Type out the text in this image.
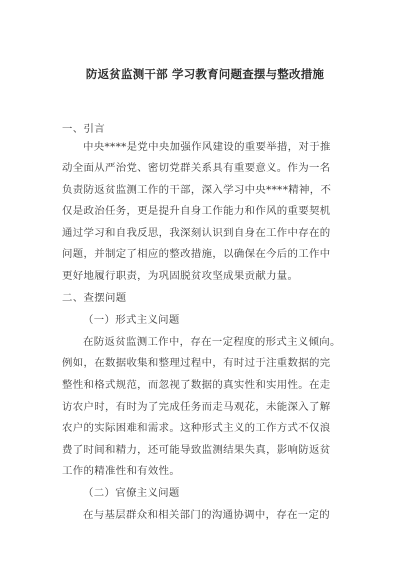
防返贫监测干部 学习教育问题查摆与整改措施
一、引言
中央****是党中央加强作风建设的重要举措，对于推
动全面从严治党、密切党群关系具有重要意义。作为一名
负责防返贫监测工作的干部，深入学习中央****精神，不
仅是政治任务，更是提升自身工作能力和作风的重要契机
通过学习和自我反思，我深刻认识到自身在工作中存在的
问题，并制定了相应的整改措施，以确保在今后的工作中
更好地履行职责，为巩固脱贫攻坚成果贡献力量。
二、查摆问题
（一）形式主义问题
在防返贫监测工作中，存在一定程度的形式主义倾向。
例如，在数据收集和整理过程中，有时过于注重数据的完
整性和格式规范，而忽视了数据的真实性和实用性。在走
访农户时，有时为了完成任务而走马观花，未能深入了解
农户的实际困难和需求。这种形式主义的工作方式不仅浪
费了时间和精力，还可能导致监测结果失真，影响防返贫
工作的精准性和有效性。
（二）官僚主义问题
在与基层群众和相关部门的沟通协调中，存在一定的
